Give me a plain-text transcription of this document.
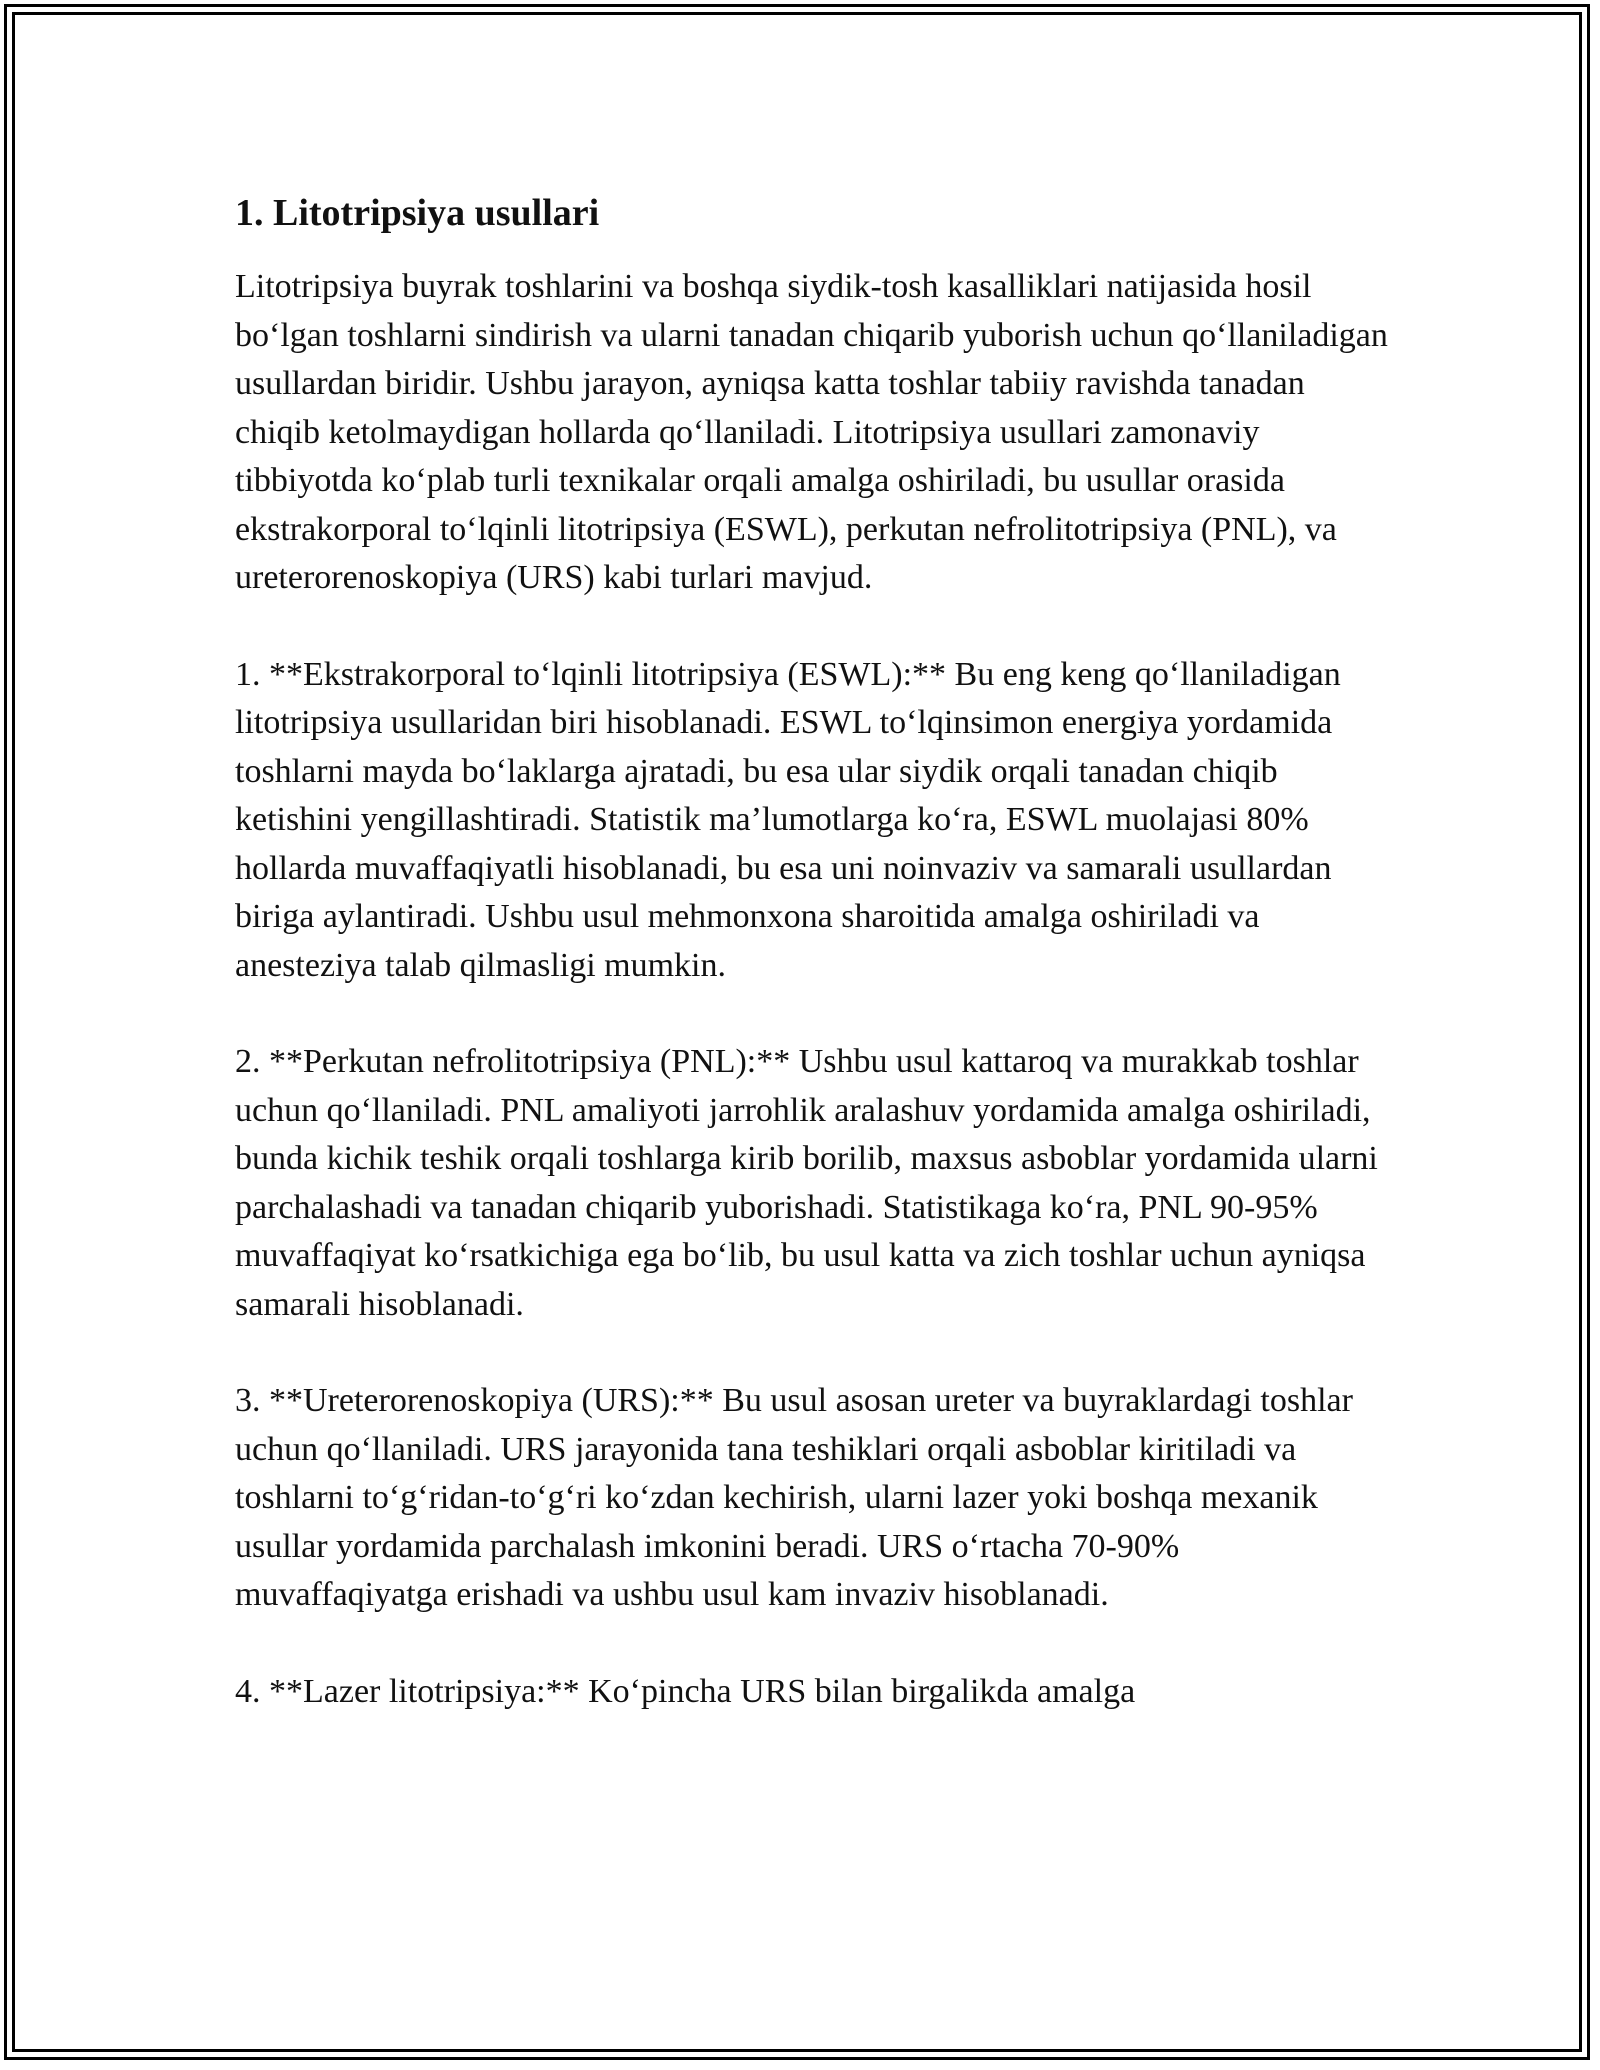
1. Litotripsiya usullari

Litotripsiya buyrak toshlarini va boshqa siydik-tosh kasalliklari natijasida hosil bo‘lgan toshlarni sindirish va ularni tanadan chiqarib yuborish uchun qo‘llaniladigan usullardan biridir. Ushbu jarayon, ayniqsa katta toshlar tabiiy ravishda tanadan chiqib ketolmaydigan hollarda qo‘llaniladi. Litotripsiya usullari zamonaviy tibbiyotda ko‘plab turli texnikalar orqali amalga oshiriladi, bu usullar orasida ekstrakorporal to‘lqinli litotripsiya (ESWL), perkutan nefrolitotripsiya (PNL), va ureterorenoskopiya (URS) kabi turlari mavjud.

1. **Ekstrakorporal to‘lqinli litotripsiya (ESWL):** Bu eng keng qo‘llaniladigan litotripsiya usullaridan biri hisoblanadi. ESWL to‘lqinsimon energiya yordamida toshlarni mayda bo‘laklarga ajratadi, bu esa ular siydik orqali tanadan chiqib ketishini yengillashtiradi. Statistik ma’lumotlarga ko‘ra, ESWL muolajasi 80% hollarda muvaffaqiyatli hisoblanadi, bu esa uni noinvaziv va samarali usullardan biriga aylantiradi. Ushbu usul mehmonxona sharoitida amalga oshiriladi va anesteziya talab qilmasligi mumkin.

2. **Perkutan nefrolitotripsiya (PNL):** Ushbu usul kattaroq va murakkab toshlar uchun qo‘llaniladi. PNL amaliyoti jarrohlik aralashuv yordamida amalga oshiriladi, bunda kichik teshik orqali toshlarga kirib borilib, maxsus asboblar yordamida ularni parchalashadi va tanadan chiqarib yuborishadi. Statistikaga ko‘ra, PNL 90-95% muvaffaqiyat ko‘rsatkichiga ega bo‘lib, bu usul katta va zich toshlar uchun ayniqsa samarali hisoblanadi.

3. **Ureterorenoskopiya (URS):** Bu usul asosan ureter va buyraklardagi toshlar uchun qo‘llaniladi. URS jarayonida tana teshiklari orqali asboblar kiritiladi va toshlarni to‘g‘ridan-to‘g‘ri ko‘zdan kechirish, ularni lazer yoki boshqa mexanik usullar yordamida parchalash imkonini beradi. URS o‘rtacha 70-90% muvaffaqiyatga erishadi va ushbu usul kam invaziv hisoblanadi.

4. **Lazer litotripsiya:** Ko‘pincha URS bilan birgalikda amalga
